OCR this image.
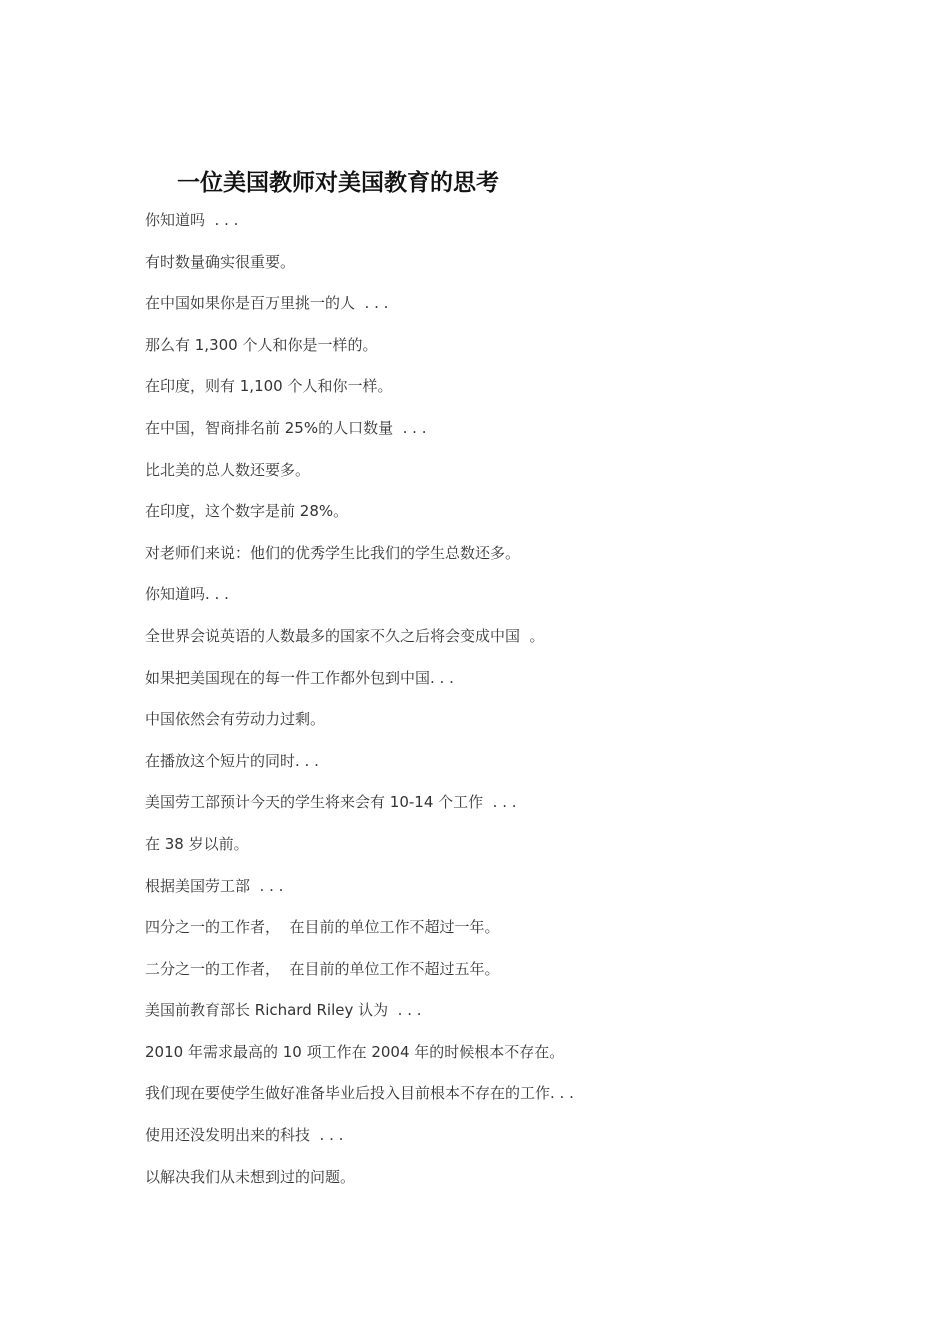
一位美国教师对美国教育的思考
你知道吗  . . .
有时数量确实很重要。
在中国如果你是百万里挑一的人  . . .
那么有 1,300 个人和你是一样的。
在印度，则有 1,100 个人和你一样。
在中国，智商排名前 25%的人口数量  . . .
比北美的总人数还要多。
在印度，这个数字是前 28%。
对老师们来说：他们的优秀学生比我们的学生总数还多。
你知道吗. . .
全世界会说英语的人数最多的国家不久之后将会变成中国  。
如果把美国现在的每一件工作都外包到中国. . .
中国依然会有劳动力过剩。
在播放这个短片的同时. . .
美国劳工部预计今天的学生将来会有 10-14 个工作  . . .
在 38 岁以前。
根据美国劳工部  . . .
四分之一的工作者，  在目前的单位工作不超过一年。
二分之一的工作者，  在目前的单位工作不超过五年。
美国前教育部长 Richard Riley 认为  . . .
2010 年需求最高的 10 项工作在 2004 年的时候根本不存在。
我们现在要使学生做好准备毕业后投入目前根本不存在的工作. . .
使用还没发明出来的科技  . . .
以解决我们从未想到过的问题。
